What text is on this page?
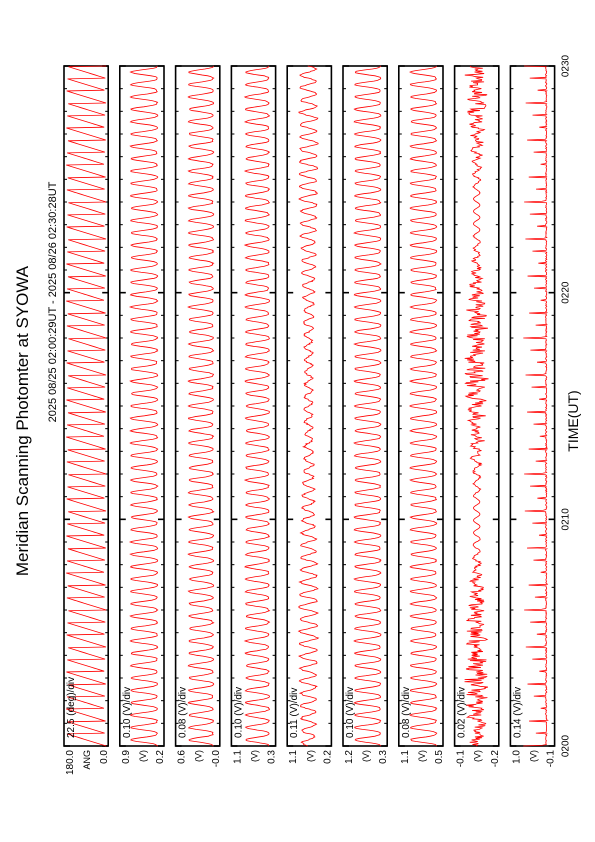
Meridian Scanning Photomter at SYOWA 2025 08/25 02:00:29UT - 2025 08/26 02:30:28UT	TIME(UT)
22.5 (deg)/div
180.0 0.0
ANG
0.10 (V)/div
0.9 0.2
(V)
0.08 (V)/div
0.6 -0.0
(V)
0.10 (V)/div
1.1 0.3
(V)
0.11 (V)/div
1.1 0.2
(V)
0.10 (V)/div
1.2 0.3
(V)
0.08 (V)/div
1.1 0.5
(V)
0.02 (V)/div
-0.1 -0.2
(V)
0.14 (V)/div
1.0 -0.1
(V) 0200
0210
0220
0230
